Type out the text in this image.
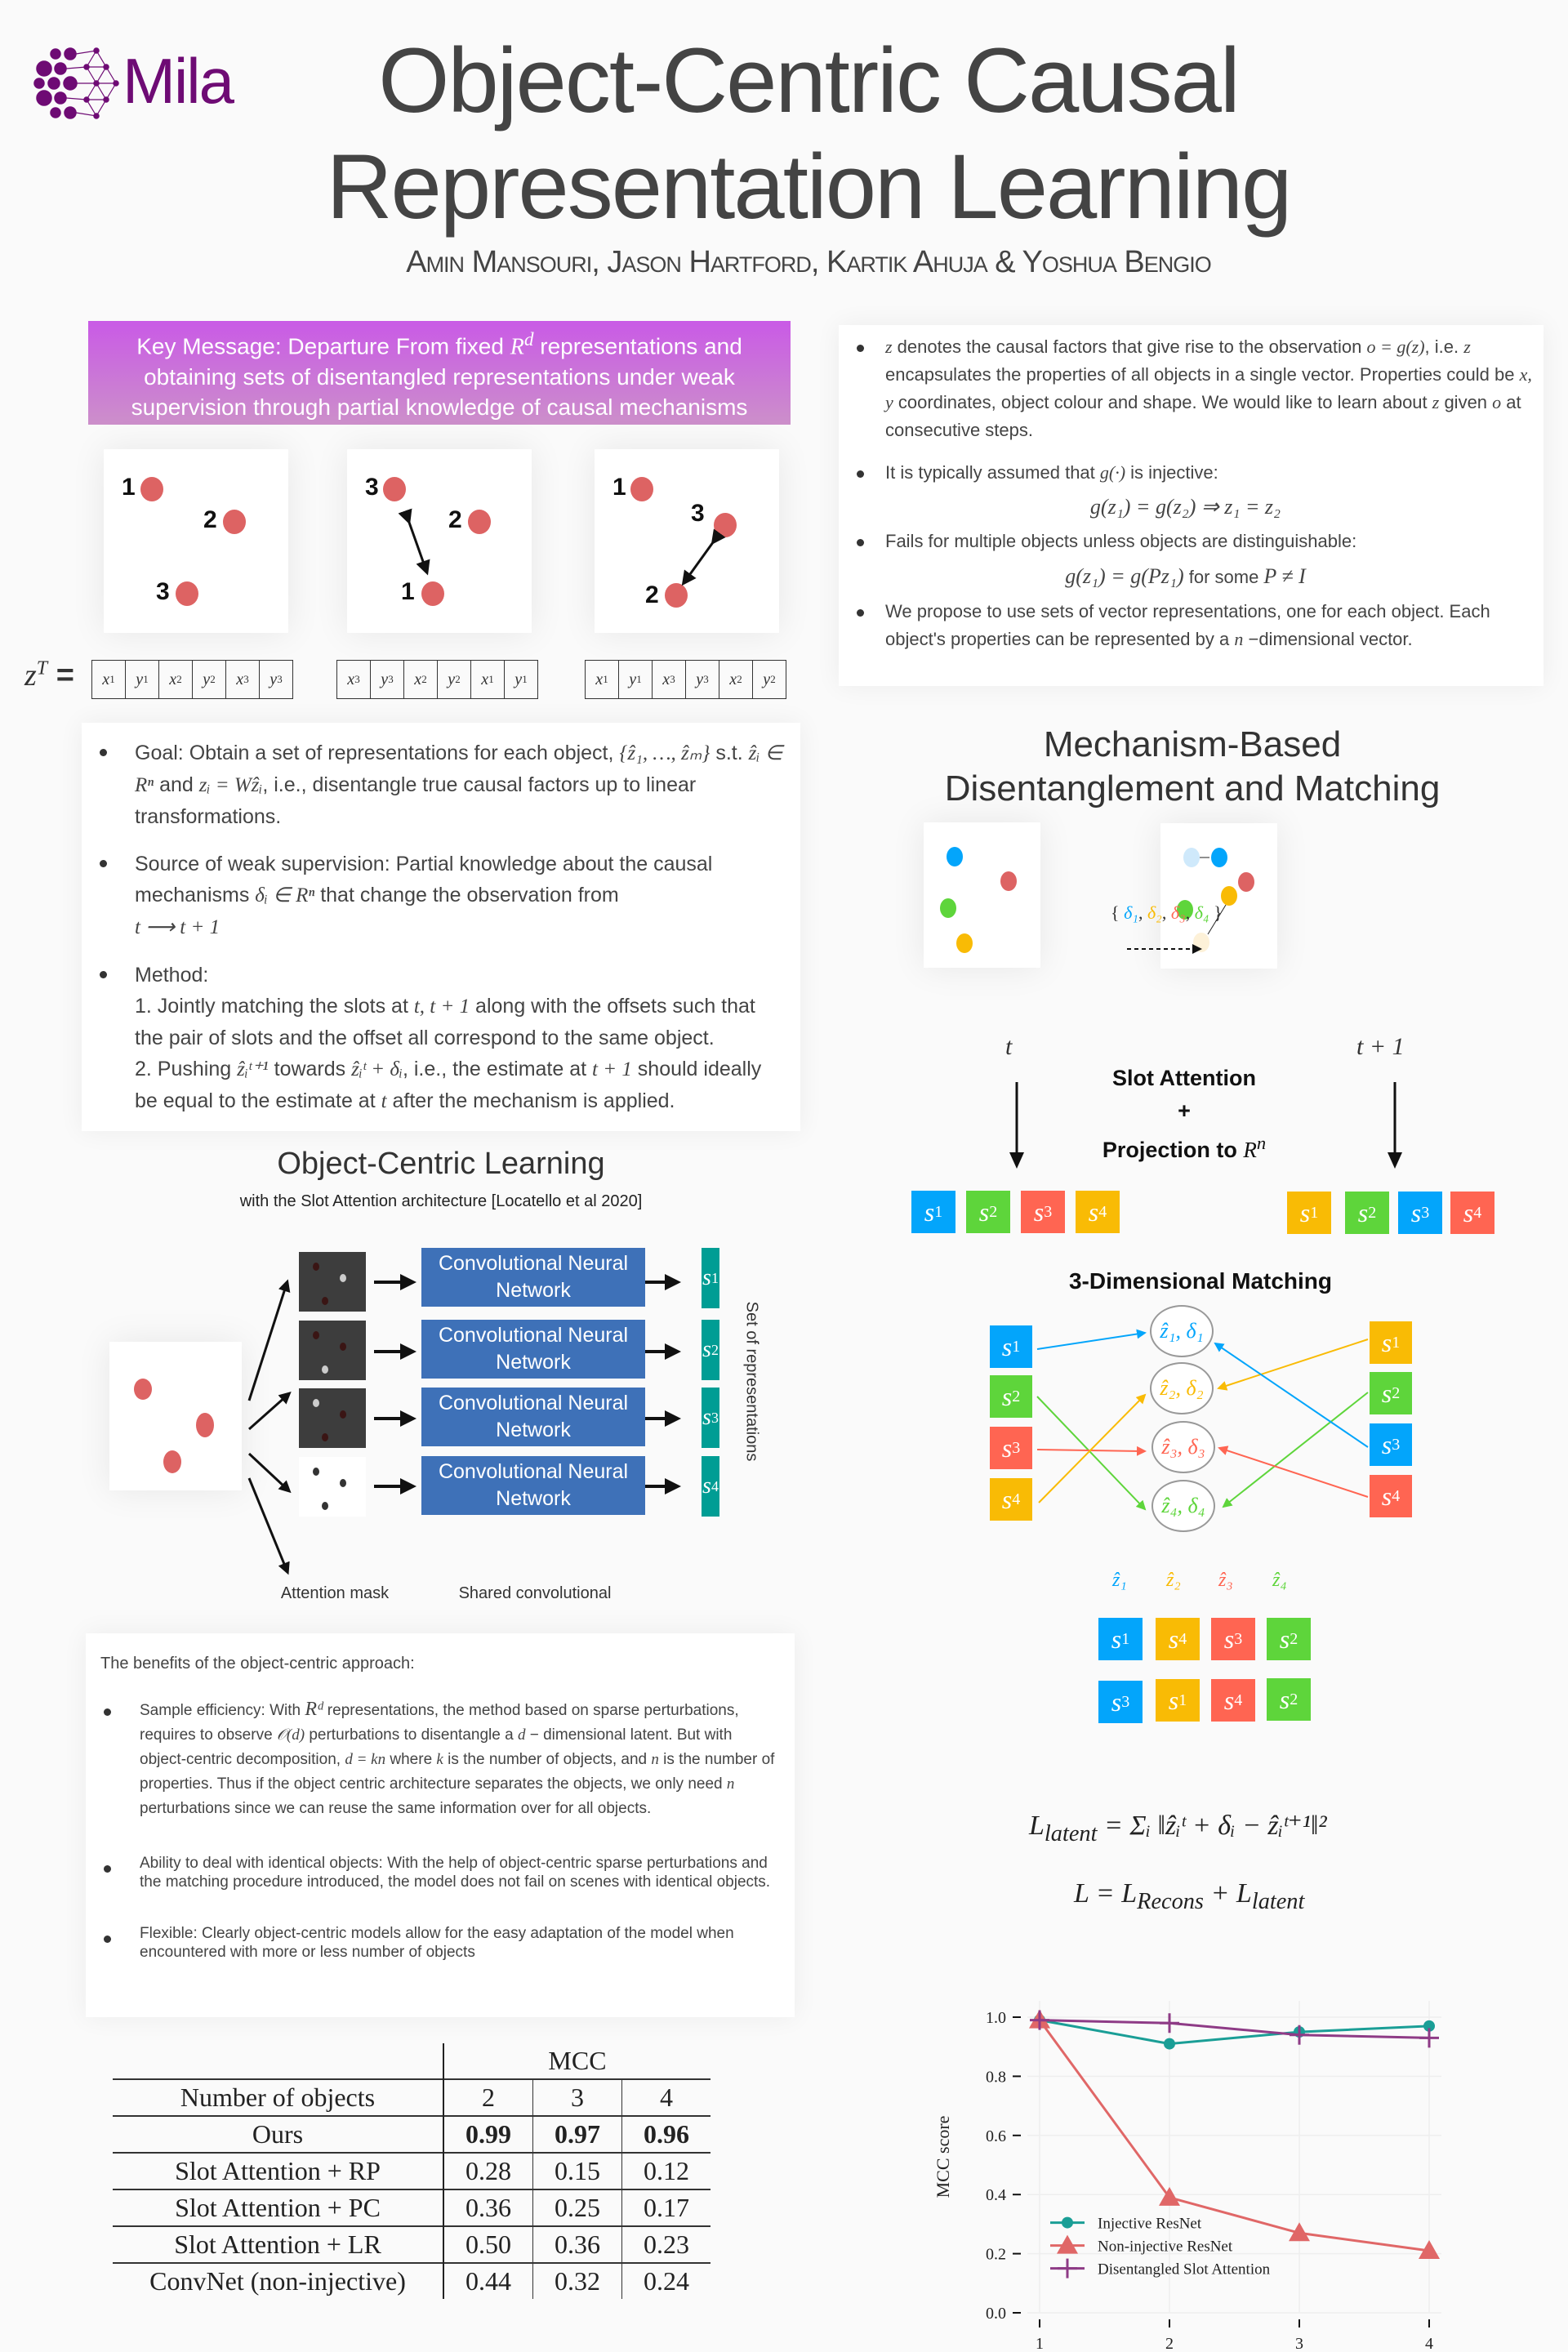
Mila	Object-Centric Causal
Representation Learning
Amin Mansouri, Jason Hartford, Kartik Ahuja & Yoshua Bengio
Key Message: Departure From fixed $R^d$ representations and
obtaining sets of disentangled representations under weak
supervision through partial knowledge of causal mechanisms
1
2
3
3
2
1
1
3
2
$z^T = x$ 1 y 1 x 2 y 2 x 3 y 3	x 3 y 3 x 2 y 2 x 1 y 1	x 1 y 1 x 3 y 3 x 2 y 2
Goal: Obtain a set of representations for each object, {ẑ₁, …, ẑₘ} s.t. ẑᵢ ∈ Rⁿ and zᵢ = Wẑᵢ, i.e., disentangle true causal factors up to linear transformations.
Source of weak supervision: Partial knowledge about the causal mechanisms δᵢ ∈ Rⁿ that change the observation from
t ⟶ t + 1
Method:
1. Jointly matching the slots at t, t + 1 along with the offsets such that the pair of slots and the offset all correspond to the same object.
2. Pushing ẑᵢᵗ⁺¹ towards ẑᵢᵗ + δᵢ, i.e., the estimate at t + 1 should ideally be equal to the estimate at t after the mechanism is applied.
z denotes the causal factors that give rise to the observation o = g(z), i.e. z encapsulates the properties of all objects in a single vector. Properties could be x, y coordinates, object colour and shape. We would like to learn about z given o at consecutive steps.
It is typically assumed that g(·) is injective:
g(z₁) = g(z₂) ⇒ z₁ = z₂
Fails for multiple objects unless objects are distinguishable:
g(z₁) = g(Pz₁) for some P ≠ I
We propose to use sets of vector representations, one for each object. Each object's properties can be represented by a n −dimensional vector.
Object-Centric Learning
with the Slot Attention architecture [Locatello et al 2020]
Convolutional Neural Network
Convolutional Neural Network
Convolutional Neural Network
Convolutional Neural Network
s 1
s 2
s 3
s 4
Set of representations
Attention mask	Shared convolutional
The benefits of the object-centric approach:
Sample efficiency: With Rᵈ representations, the method based on sparse perturbations, requires to observe 𝒪(d) perturbations to disentangle a d − dimensional latent. But with object-centric decomposition, d = kn where k is the number of objects, and n is the number of properties. Thus if the object centric architecture separates the objects, we only need n perturbations since we can reuse the same information over for all objects.
Ability to deal with identical objects: With the help of object-centric sparse perturbations and the matching procedure introduced, the model does not fail on scenes with identical objects.
Flexible: Clearly object-centric models allow for the easy adaptation of the model when encountered with more or less number of objects
	MCC		
Number of objects	2	3	4
Ours	0.99	0.97	0.96
Slot Attention + RP	0.28	0.15	0.12
Slot Attention + PC	0.36	0.25	0.17
Slot Attention + LR	0.50	0.36	0.23
ConvNet (non-injective)	0.44	0.32	0.24
Mechanism-Based
Disentanglement and Matching
{ δ₁, δ₂, δ₃, δ₄ }
t	t + 1
Slot Attention
+
Projection to $R^n$
s 1	s 2	s 3	s 4	s 1	s 2	s 3	s 4
3-Dimensional Matching
s 1
s 2
s 3
s 4
s 1
s 2
s 3
s 4
ẑ₁, δ₁
ẑ₂, δ₂
ẑ₃, δ₃
ẑ₄, δ₄
ẑ₁ ẑ₂ ẑ₃ ẑ₄
s 1	s 4	s 3	s 2
s 3	s 1	s 4	s 2
$L_{latent}$ = Σᵢ ‖ẑᵢᵗ + δᵢ − ẑᵢᵗ⁺¹‖²
$L = L_{Recons} + L_{latent}$
0.0
0.2
0.4
0.6
0.8
1.0
1	2	3	4
MCC score
Injective ResNet
Non-injective ResNet
Disentangled Slot Attention
